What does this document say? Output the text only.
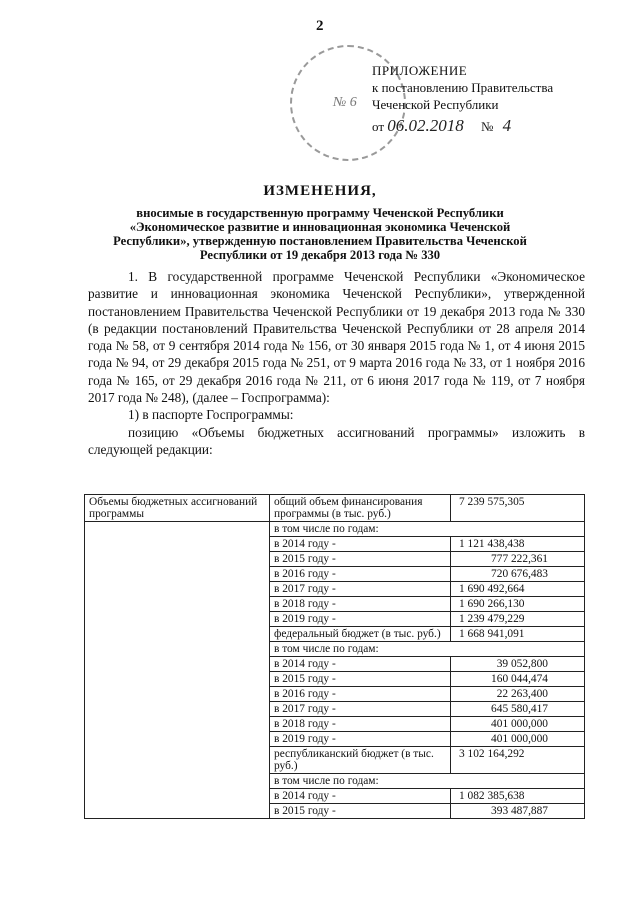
2
№ 6
ПРИЛОЖЕНИЕ
к постановлению Правительства
Чеченской Республики
от 06.02.2018 № 4
ИЗМЕНЕНИЯ,
вносимые в государственную программу Чеченской Республики «Экономическое развитие и инновационная экономика Чеченской Республики», утвержденную постановлением Правительства Чеченской Республики от 19 декабря 2013 года № 330

1. В государственной программе Чеченской Республики «Экономическое развитие и инновационная экономика Чеченской Республики», утвержденной постановлением Правительства Чеченской Республики от 19 декабря 2013 года № 330 (в редакции постановлений Правительства Чеченской Республики от 28 апреля 2014 года № 58, от 9 сентября 2014 года № 156, от 30 января 2015 года № 1, от 4 июня 2015 года № 94, от 29 декабря 2015 года № 251, от 9 марта 2016 года № 33, от 1 ноября 2016 года № 165, от 29 декабря 2016 года № 211, от 6 июня 2017 года № 119, от 7 ноября 2017 года № 248), (далее – Госпрограмма):

1) в паспорте Госпрограммы:

позицию «Объемы бюджетных ассигнований программы» изложить в следующей редакции:

Объемы бюджетных ассигнований программы	общий объем финансирования программы (в тыс. руб.)	7 239 575,305
	в том числе по годам:	
	в 2014 году -	1 121 438,438
	в 2015 году -	777 222,361
	в 2016 году -	720 676,483
	в 2017 году -	1 690 492,664
	в 2018 году -	1 690 266,130
	в 2019 году -	1 239 479,229
	федеральный бюджет (в тыс. руб.)	1 668 941,091
	в том числе по годам:	
	в 2014 году -	39 052,800
	в 2015 году -	160 044,474
	в 2016 году -	22 263,400
	в 2017 году -	645 580,417
	в 2018 году -	401 000,000
	в 2019 году -	401 000,000
	республиканский бюджет (в тыс. руб.)	3 102 164,292
	в том числе по годам:	
	в 2014 году -	1 082 385,638
	в 2015 году -	393 487,887
